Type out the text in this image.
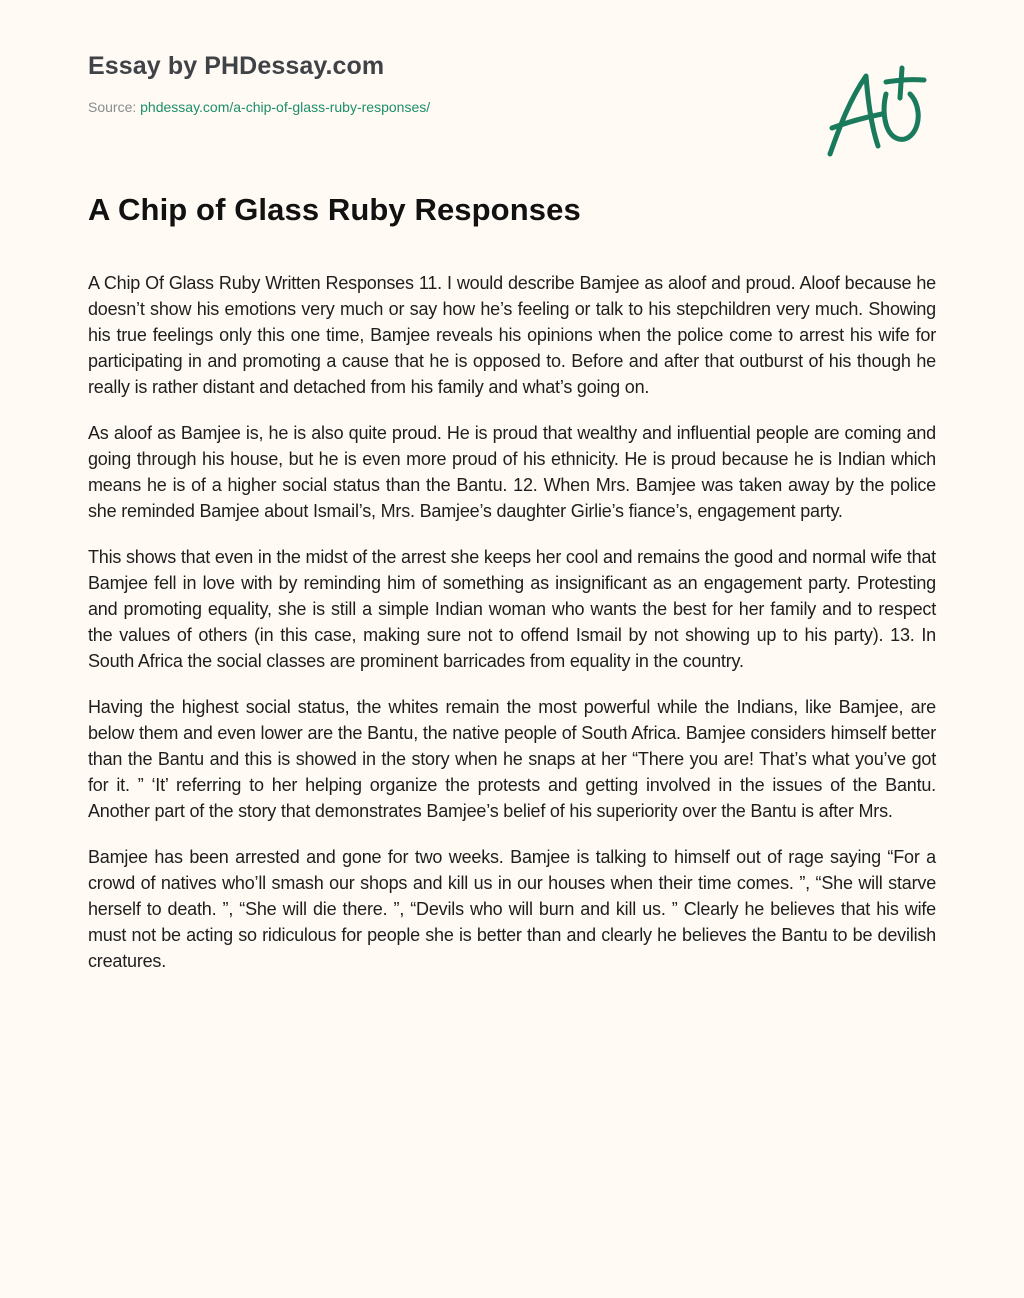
Essay by PHDessay.com
Source: phdessay.com/a-chip-of-glass-ruby-responses/
A Chip of Glass Ruby Responses

A Chip Of Glass Ruby Written Responses 11. I would describe Bamjee as aloof and proud. Aloof because he doesn’t show his emotions very much or say how he’s feeling or talk to his stepchildren very much. Showing his true feelings only this one time, Bamjee reveals his opinions when the police come to arrest his wife for participating in and promoting a cause that he is opposed to. Before and after that outburst of his though he really is rather distant and detached from his family and what’s going on.

As aloof as Bamjee is, he is also quite proud. He is proud that wealthy and influential people are coming and going through his house, but he is even more proud of his ethnicity. He is proud because he is Indian which means he is of a higher social status than the Bantu. 12. When Mrs. Bamjee was taken away by the police she reminded Bamjee about Ismail’s, Mrs. Bamjee’s daughter Girlie’s fiance’s, engagement party.

This shows that even in the midst of the arrest she keeps her cool and remains the good and normal wife that Bamjee fell in love with by reminding him of something as insignificant as an engagement party. Protesting and promoting equality, she is still a simple Indian woman who wants the best for her family and to respect the values of others (in this case, making sure not to offend Ismail by not showing up to his party). 13. In South Africa the social classes are prominent barricades from equality in the country.

Having the highest social status, the whites remain the most powerful while the Indians, like Bamjee, are below them and even lower are the Bantu, the native people of South Africa. Bamjee considers himself better than the Bantu and this is showed in the story when he snaps at her “There you are! That’s what you’ve got for it. ” ‘It’ referring to her helping organize the protests and getting involved in the issues of the Bantu. Another part of the story that demonstrates Bamjee’s belief of his superiority over the Bantu is after Mrs.

Bamjee has been arrested and gone for two weeks. Bamjee is talking to himself out of rage saying “For a crowd of natives who’ll smash our shops and kill us in our houses when their time comes. ”, “She will starve herself to death. ”, “She will die there. ”, “Devils who will burn and kill us. ” Clearly he believes that his wife must not be acting so ridiculous for people she is better than and clearly he believes the Bantu to be devilish creatures.
